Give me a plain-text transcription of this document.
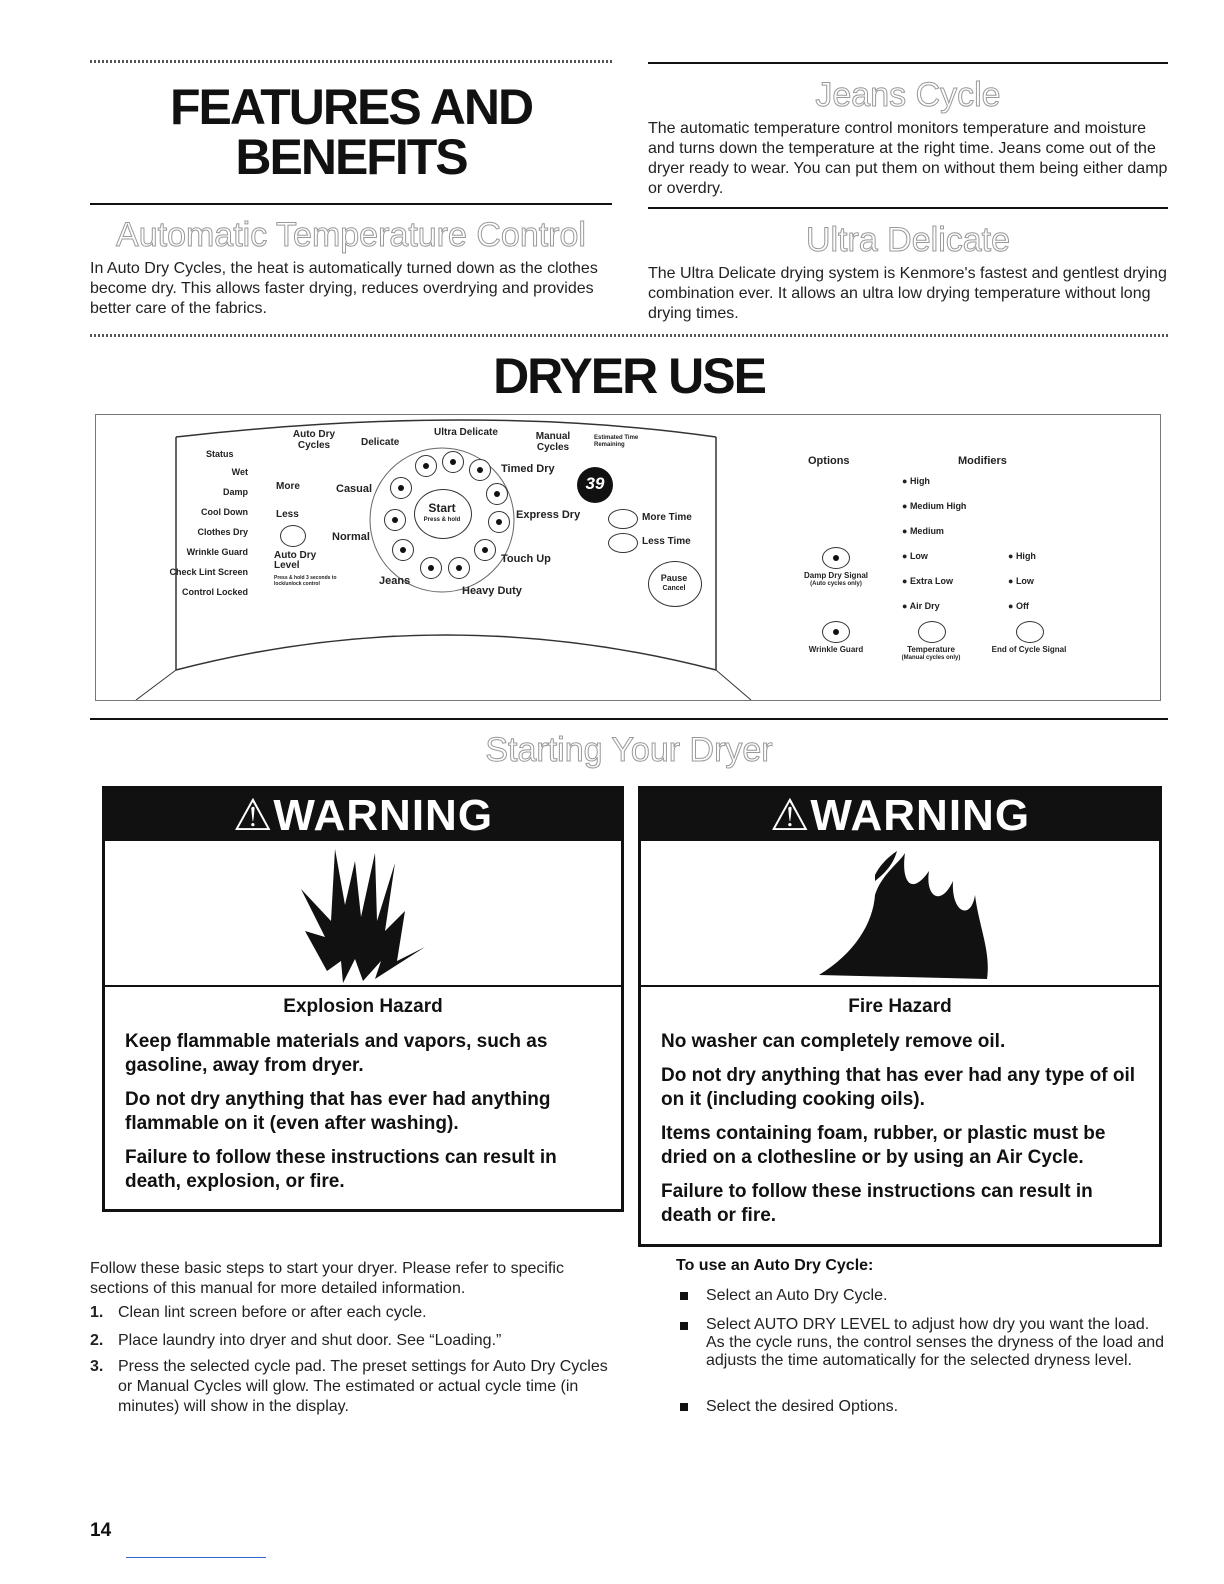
FEATURES AND
BENEFITS
Automatic Temperature Control
In Auto Dry Cycles, the heat is automatically turned down as the clothes become dry. This allows faster drying, reduces overdrying and provides better care of the fabrics.
Jeans Cycle
The automatic temperature control monitors temperature and moisture and turns down the temperature at the right time. Jeans come out of the dryer ready to wear. You can put them on without them being either damp or overdry.
Ultra Delicate
The Ultra Delicate drying system is Kenmore's fastest and gentlest drying combination ever. It allows an ultra low drying temperature without long drying times.
DRYER USE
Status
Wet
Damp
Cool Down
Clothes Dry
Wrinkle Guard
Check Lint Screen
Control Locked
Auto Dry Cycles	Delicate
Ultra Delicate	Manual Cycles
Estimated Time Remaining
Timed Dry
39
More
Less
Auto Dry Level
Press & hold 3 seconds to lock/unlock control
Casual
Normal
Jeans
Heavy Duty
Touch Up
Express Dry
Start
Press & hold	More Time
Less Time
Pause
Cancel
Options	Modifiers
● High
● Medium High
● Medium
● Low
● Extra Low
● Air Dry
● High
● Low
● Off
Damp Dry Signal
(Auto cycles only)
Wrinkle Guard	Temperature
(Manual cycles only)
End of Cycle Signal
Starting Your Dryer
⚠WARNING
Explosion Hazard
Keep flammable materials and vapors, such as gasoline, away from dryer.
Do not dry anything that has ever had anything flammable on it (even after washing).
Failure to follow these instructions can result in death, explosion, or fire.
⚠WARNING
Fire Hazard
No washer can completely remove oil.
Do not dry anything that has ever had any type of oil on it (including cooking oils).
Items containing foam, rubber, or plastic must be dried on a clothesline or by using an Air Cycle.
Failure to follow these instructions can result in death or fire.
Follow these basic steps to start your dryer. Please refer to specific sections of this manual for more detailed information.
1. Clean lint screen before or after each cycle.
2. Place laundry into dryer and shut door. See “Loading.”
3. Press the selected cycle pad. The preset settings for Auto Dry Cycles or Manual Cycles will glow. The estimated or actual cycle time (in minutes) will show in the display.
To use an Auto Dry Cycle:
Select an Auto Dry Cycle.
Select AUTO DRY LEVEL to adjust how dry you want the load. As the cycle runs, the control senses the dryness of the load and adjusts the time automatically for the selected dryness level.
Select the desired Options.
14
